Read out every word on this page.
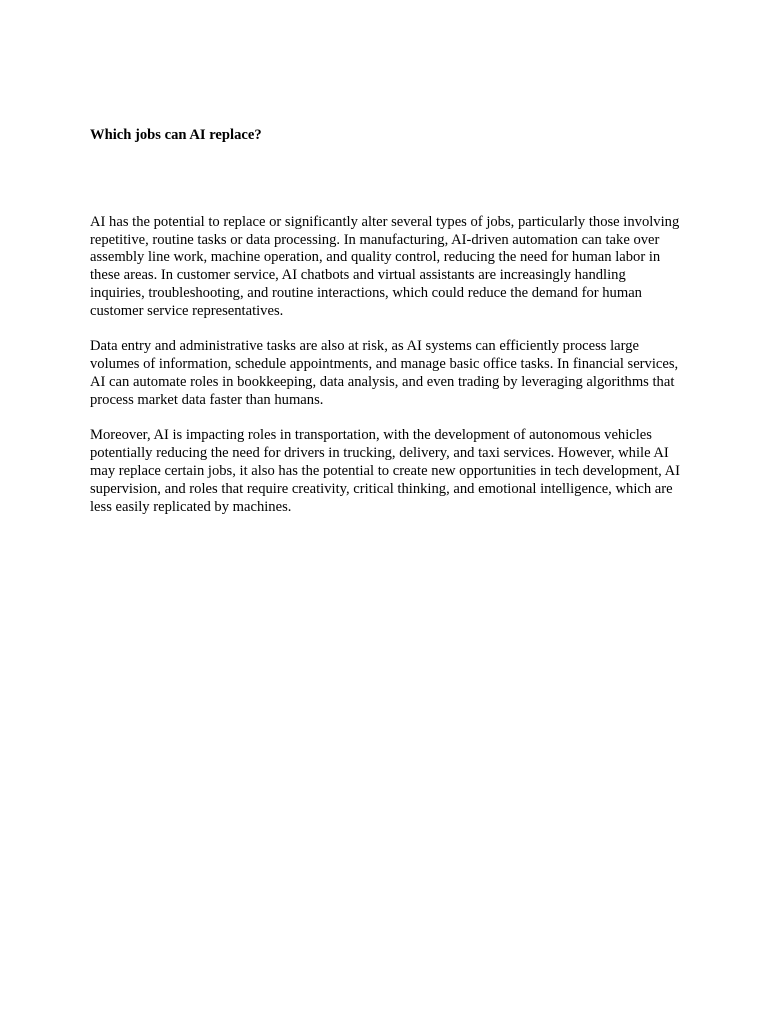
Which jobs can AI replace?

AI has the potential to replace or significantly alter several types of jobs, particularly those involving repetitive, routine tasks or data processing. In manufacturing, AI-driven automation can take over assembly line work, machine operation, and quality control, reducing the need for human labor in these areas. In customer service, AI chatbots and virtual assistants are increasingly handling inquiries, troubleshooting, and routine interactions, which could reduce the demand for human customer service representatives.

Data entry and administrative tasks are also at risk, as AI systems can efficiently process large volumes of information, schedule appointments, and manage basic office tasks. In financial services, AI can automate roles in bookkeeping, data analysis, and even trading by leveraging algorithms that process market data faster than humans.

Moreover, AI is impacting roles in transportation, with the development of autonomous vehicles potentially reducing the need for drivers in trucking, delivery, and taxi services. However, while AI may replace certain jobs, it also has the potential to create new opportunities in tech development, AI supervision, and roles that require creativity, critical thinking, and emotional intelligence, which are less easily replicated by machines.
